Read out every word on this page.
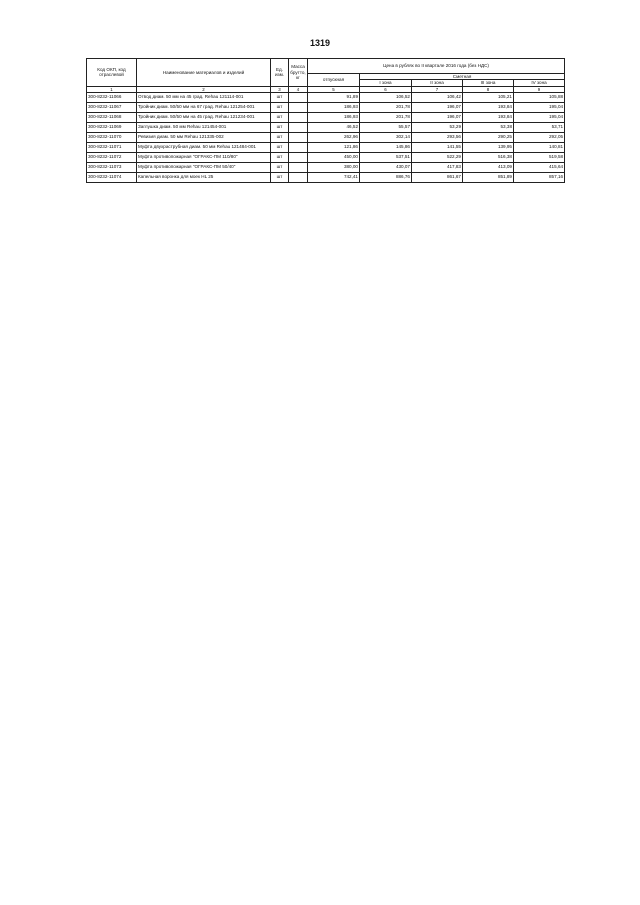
1319
Код ОКП, код отраслевой	Наименование материалов и изделий	Ед. изм.	Масса брутто, кг	Цена в рублях во II квартале 2016 года (без НДС)				
				отпускная	Сметная			
					I зона	II зона	III зона	IV зона
1	2	3	4	5	6	7	8	9
300-8232-11066	Отвод диам. 50 мм на 45 град. Rehau 121114-001	шт		91,89	106,52	106,42	105,21	105,88
300-8232-11067	Тройник диам. 50/50 мм на 67 град. Rehau 121254-001	шт		186,93	201,78	196,07	193,84	195,04
300-8232-11068	Тройник диам. 50/50 мм на 45 град. Rehau 121234-001	шт		186,93	201,78	196,07	193,84	195,04
300-8232-11069	Заглушка диам. 50 мм Rehau 121454-001	шт		46,52	55,57	53,29	53,38	53,71
300-8232-11070	Ревизия диам. 50 мм Rehau 121335-002	шт		262,96	302,14	293,56	290,25	292,05
300-8232-11071	Муфта двухраструбная диам. 50 мм Rehau 121484-001	шт		121,86	145,86	141,55	139,95	140,81
300-8232-11072	Муфта противопожарная "ОГРАКС-ПМ 110/80"	шт		450,00	537,51	522,29	516,38	519,58
300-8232-11073	Муфта противопожарная "ОГРАКС-ПМ 50/40"	шт		380,00	430,07	417,83	413,09	415,64
300-8232-11074	Капельная воронка для моек HL 25	шт		742,41	886,76	861,67	851,89	857,16
